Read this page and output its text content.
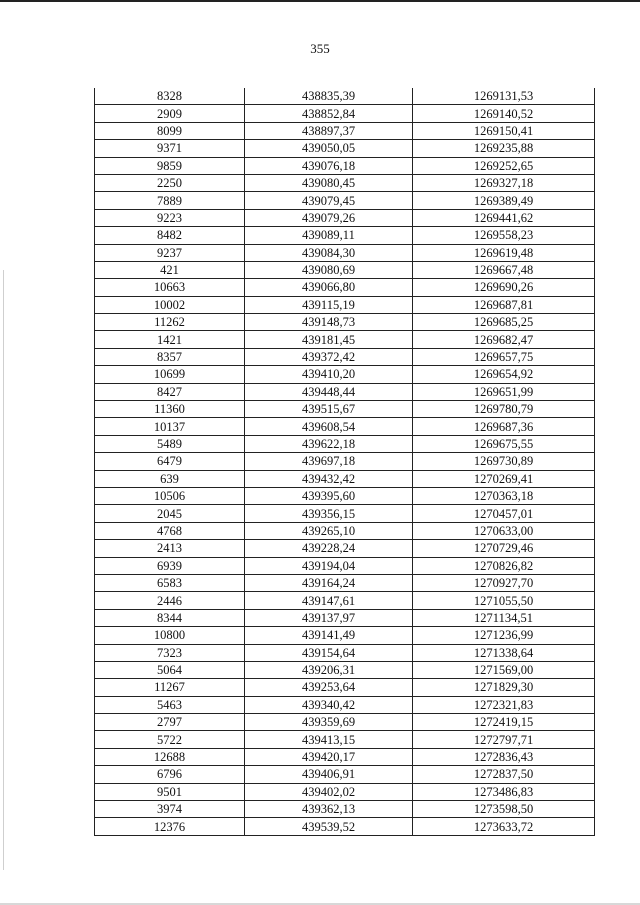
355
8328	438835,39	1269131,53
2909	438852,84	1269140,52
8099	438897,37	1269150,41
9371	439050,05	1269235,88
9859	439076,18	1269252,65
2250	439080,45	1269327,18
7889	439079,45	1269389,49
9223	439079,26	1269441,62
8482	439089,11	1269558,23
9237	439084,30	1269619,48
421	439080,69	1269667,48
10663	439066,80	1269690,26
10002	439115,19	1269687,81
11262	439148,73	1269685,25
1421	439181,45	1269682,47
8357	439372,42	1269657,75
10699	439410,20	1269654,92
8427	439448,44	1269651,99
11360	439515,67	1269780,79
10137	439608,54	1269687,36
5489	439622,18	1269675,55
6479	439697,18	1269730,89
639	439432,42	1270269,41
10506	439395,60	1270363,18
2045	439356,15	1270457,01
4768	439265,10	1270633,00
2413	439228,24	1270729,46
6939	439194,04	1270826,82
6583	439164,24	1270927,70
2446	439147,61	1271055,50
8344	439137,97	1271134,51
10800	439141,49	1271236,99
7323	439154,64	1271338,64
5064	439206,31	1271569,00
11267	439253,64	1271829,30
5463	439340,42	1272321,83
2797	439359,69	1272419,15
5722	439413,15	1272797,71
12688	439420,17	1272836,43
6796	439406,91	1272837,50
9501	439402,02	1273486,83
3974	439362,13	1273598,50
12376	439539,52	1273633,72
